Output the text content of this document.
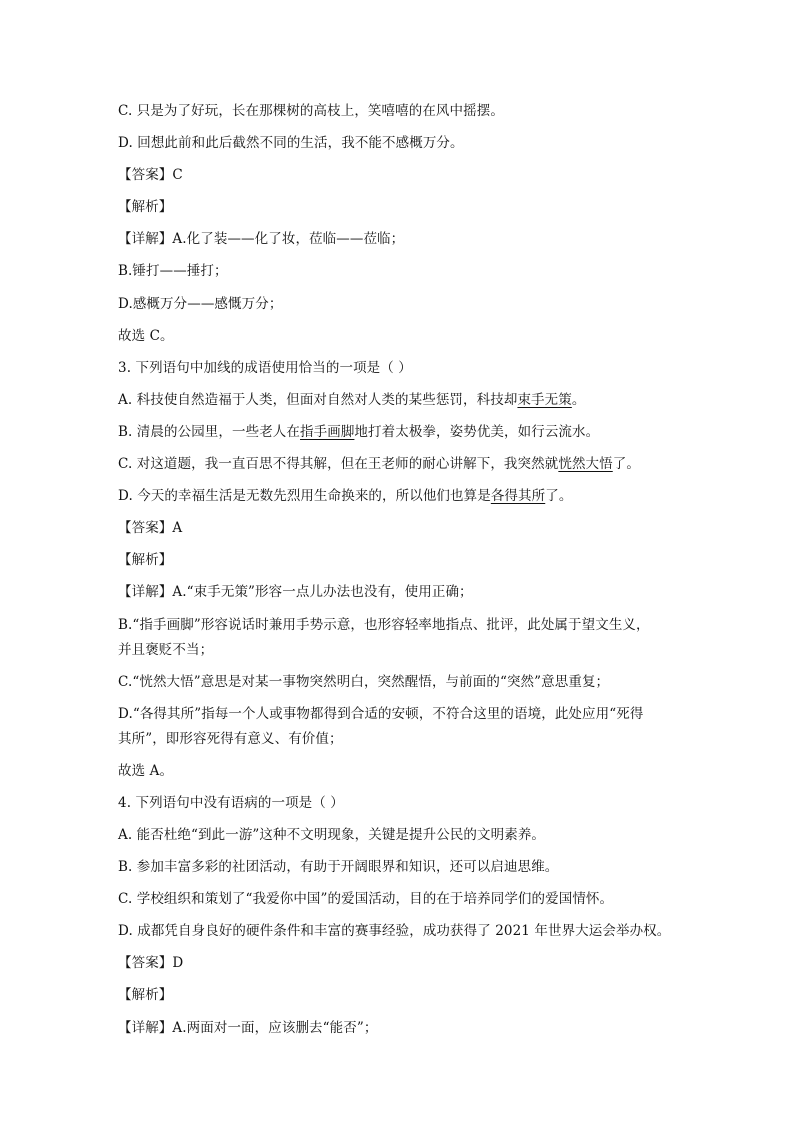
C. 只是为了好玩，长在那棵树的高枝上，笑嘻嘻的在风中摇摆。
D. 回想此前和此后截然不同的生活，我不能不感概万分。
【答案】C
【解析】
【详解】A.化了装——化了妆，莅临——莅临；
B.锤打——捶打；
D.感概万分——感慨万分；
故选 C。
3. 下列语句中加线的成语使用恰当的一项是（ ）
A. 科技使自然造福于人类，但面对自然对人类的某些惩罚，科技却束手无策。
B. 清晨的公园里，一些老人在指手画脚地打着太极拳，姿势优美，如行云流水。
C. 对这道题，我一直百思不得其解，但在王老师的耐心讲解下，我突然就恍然大悟了。
D. 今天的幸福生活是无数先烈用生命换来的，所以他们也算是各得其所了。
【答案】A
【解析】
【详解】A.“束手无策”形容一点儿办法也没有，使用正确；
B.“指手画脚”形容说话时兼用手势示意，也形容轻率地指点、批评，此处属于望文生义，
并且褒贬不当；
C.“恍然大悟”意思是对某一事物突然明白，突然醒悟，与前面的“突然”意思重复；
D.“各得其所”指每一个人或事物都得到合适的安顿，不符合这里的语境，此处应用“死得
其所”，即形容死得有意义、有价值；
故选 A。
4. 下列语句中没有语病的一项是（ ）
A. 能否杜绝“到此一游”这种不文明现象，关键是提升公民的文明素养。
B. 参加丰富多彩的社团活动，有助于开阔眼界和知识，还可以启迪思维。
C. 学校组织和策划了“我爱你中国”的爱国活动，目的在于培养同学们的爱国情怀。
D. 成都凭自身良好的硬件条件和丰富的赛事经验，成功获得了 2021 年世界大运会举办权。
【答案】D
【解析】
【详解】A.两面对一面，应该删去“能否”；
